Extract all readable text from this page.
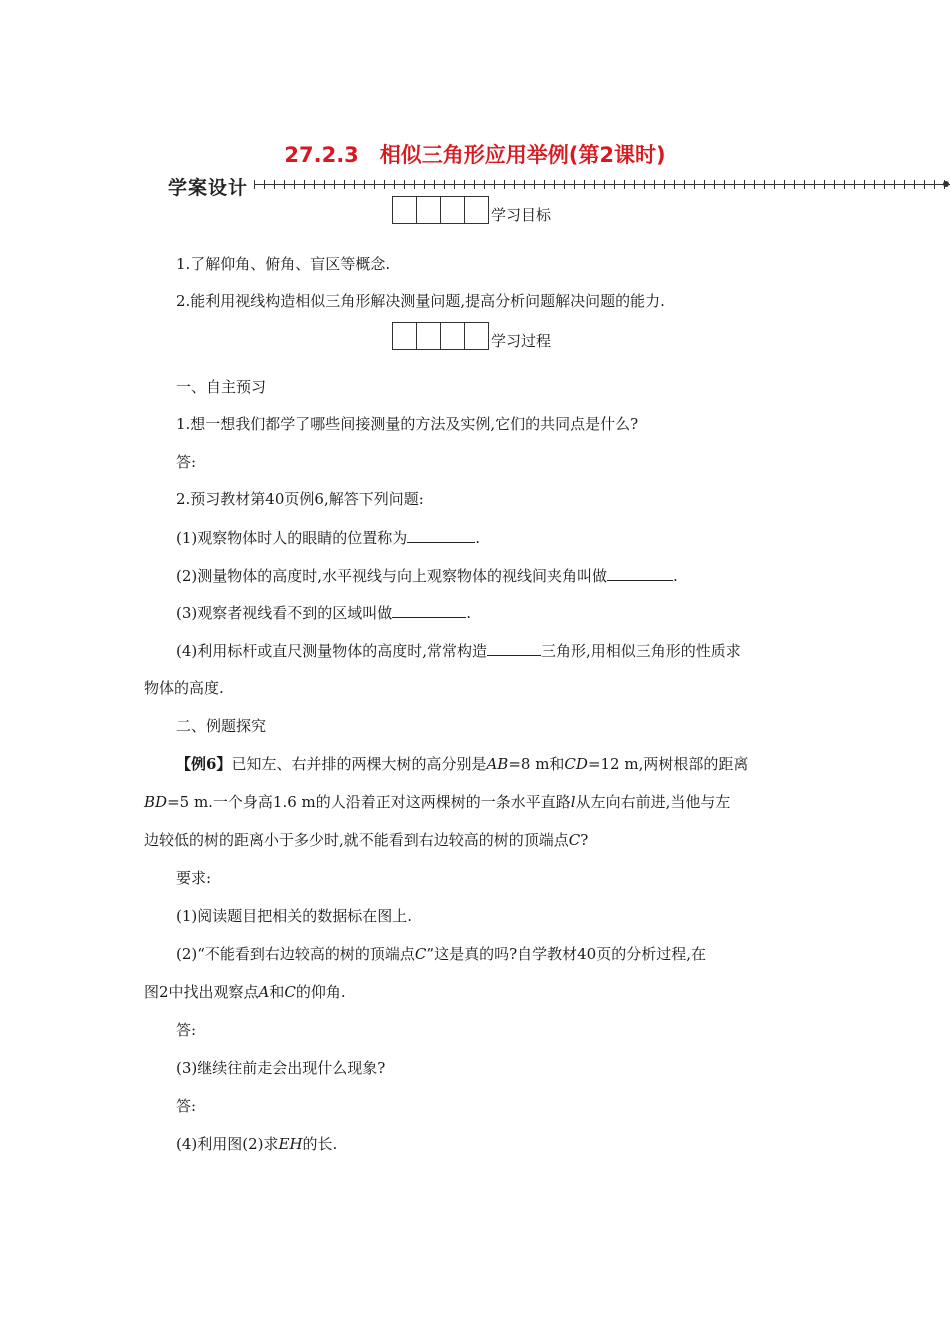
27.2.3　相似三角形应用举例(第2课时)
学案设计
学习目标
1.了解仰角、俯角、盲区等概念.
2.能利用视线构造相似三角形解决测量问题,提高分析问题解决问题的能力.
学习过程
一、自主预习
1.想一想我们都学了哪些间接测量的方法及实例,它们的共同点是什么?
答:
2.预习教材第40页例6,解答下列问题:
(1)观察物体时人的眼睛的位置称为	.
(2)测量物体的高度时,水平视线与向上观察物体的视线间夹角叫做	.
(3)观察者视线看不到的区域叫做	.
(4)利用标杆或直尺测量物体的高度时,常常构造	三角形,用相似三角形的性质求
物体的高度.
二、例题探究
【例6】已知左、右并排的两棵大树的高分别是AB=8 m和CD=12 m,两树根部的距离
BD=5 m.一个身高1.6 m的人沿着正对这两棵树的一条水平直路l从左向右前进,当他与左
边较低的树的距离小于多少时,就不能看到右边较高的树的顶端点C?
要求:
(1)阅读题目把相关的数据标在图上.
(2)“不能看到右边较高的树的顶端点C”这是真的吗?自学教材40页的分析过程,在
图2中找出观察点A和C的仰角.
答:
(3)继续往前走会出现什么现象?
答:
(4)利用图(2)求EH的长.
